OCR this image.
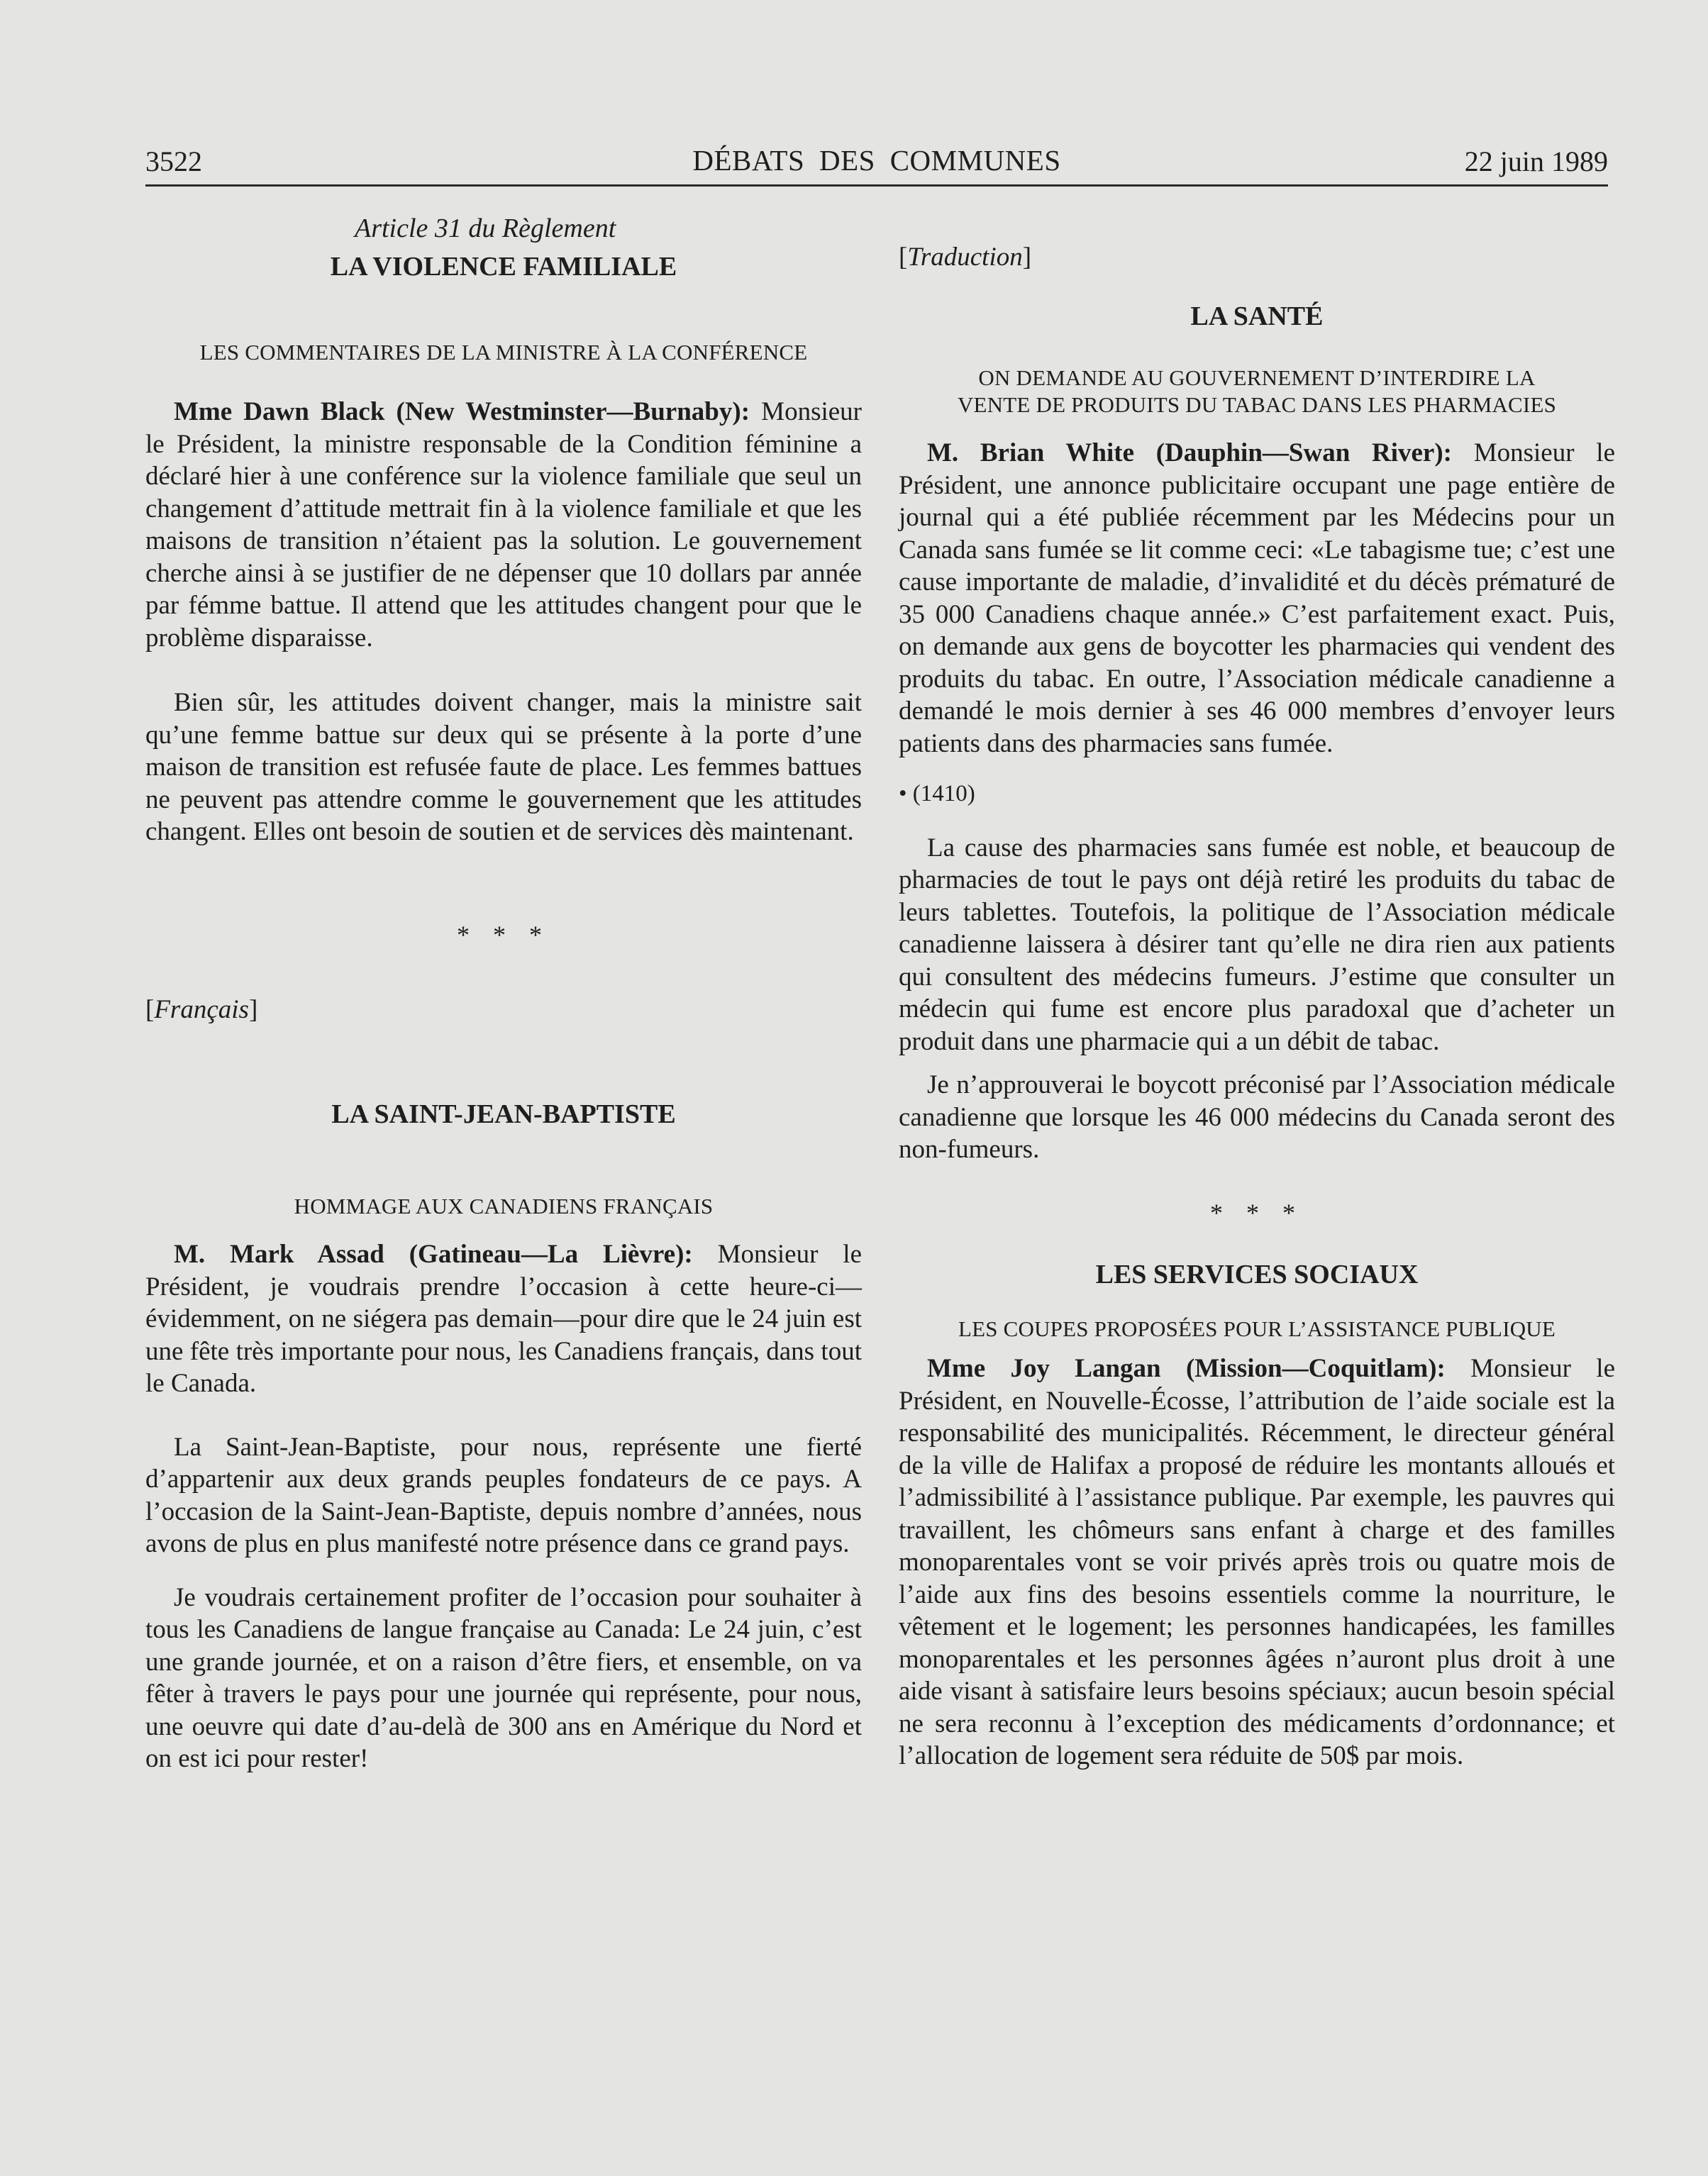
3522	DÉBATS DES COMMUNES	22 juin 1989
Article 31 du Règlement
LA VIOLENCE FAMILIALE
LES COMMENTAIRES DE LA MINISTRE À LA CONFÉRENCE

Mme Dawn Black (New Westminster—Burnaby): Monsieur le Président, la ministre responsable de la Condition féminine a déclaré hier à une conférence sur la violence familiale que seul un changement d’attitude mettrait fin à la violence familiale et que les maisons de transition n’étaient pas la solution. Le gouvernement cherche ainsi à se justifier de ne dépenser que 10 dollars par année par fémme battue. Il attend que les attitudes changent pour que le problème disparaisse.

Bien sûr, les attitudes doivent changer, mais la ministre sait qu’une femme battue sur deux qui se présente à la porte d’une maison de transition est refusée faute de place. Les femmes battues ne peuvent pas attendre comme le gouvernement que les attitudes changent. Elles ont besoin de soutien et de services dès maintenant.

* * *
[Français]
LA SAINT-JEAN-BAPTISTE
HOMMAGE AUX CANADIENS FRANÇAIS

M. Mark Assad (Gatineau—La Lièvre): Monsieur le Président, je voudrais prendre l’occasion à cette heure-ci—évidemment, on ne siégera pas demain—pour dire que le 24 juin est une fête très importante pour nous, les Canadiens français, dans tout le Canada.

La Saint-Jean-Baptiste, pour nous, représente une fierté d’appartenir aux deux grands peuples fondateurs de ce pays. A l’occasion de la Saint-Jean-Baptiste, depuis nombre d’années, nous avons de plus en plus manifesté notre présence dans ce grand pays.

Je voudrais certainement profiter de l’occasion pour souhaiter à tous les Canadiens de langue française au Canada: Le 24 juin, c’est une grande journée, et on a raison d’être fiers, et ensemble, on va fêter à travers le pays pour une journée qui représente, pour nous, une oeuvre qui date d’au-delà de 300 ans en Amérique du Nord et on est ici pour rester!

[Traduction]
LA SANTÉ
ON DEMANDE AU GOUVERNEMENT D’INTERDIRE LA
VENTE DE PRODUITS DU TABAC DANS LES PHARMACIES

M. Brian White (Dauphin—Swan River): Monsieur le Président, une annonce publicitaire occupant une page entière de journal qui a été publiée récemment par les Médecins pour un Canada sans fumée se lit comme ceci: «Le tabagisme tue; c’est une cause importante de maladie, d’invalidité et du décès prématuré de 35 000 Canadiens chaque année.» C’est parfaitement exact. Puis, on demande aux gens de boycotter les pharmacies qui vendent des produits du tabac. En outre, l’Association médicale canadienne a demandé le mois dernier à ses 46 000 membres d’envoyer leurs patients dans des pharmacies sans fumée.

• (1410)

La cause des pharmacies sans fumée est noble, et beaucoup de pharmacies de tout le pays ont déjà retiré les produits du tabac de leurs tablettes. Toutefois, la politique de l’Association médicale canadienne laissera à désirer tant qu’elle ne dira rien aux patients qui consultent des médecins fumeurs. J’estime que consulter un médecin qui fume est encore plus paradoxal que d’acheter un produit dans une pharmacie qui a un débit de tabac.

Je n’approuverai le boycott préconisé par l’Association médicale canadienne que lorsque les 46 000 médecins du Canada seront des non-fumeurs.

* * *
LES SERVICES SOCIAUX
LES COUPES PROPOSÉES POUR L’ASSISTANCE PUBLIQUE

Mme Joy Langan (Mission—Coquitlam): Monsieur le Président, en Nouvelle-Écosse, l’attribution de l’aide sociale est la responsabilité des municipalités. Récemment, le directeur général de la ville de Halifax a proposé de réduire les montants alloués et l’admissibilité à l’assistance publique. Par exemple, les pauvres qui travaillent, les chômeurs sans enfant à charge et des familles monoparentales vont se voir privés après trois ou quatre mois de l’aide aux fins des besoins essentiels comme la nourriture, le vêtement et le logement; les personnes handicapées, les familles monoparentales et les personnes âgées n’auront plus droit à une aide visant à satisfaire leurs besoins spéciaux; aucun besoin spécial ne sera reconnu à l’exception des médicaments d’ordonnance; et l’allocation de logement sera réduite de 50$ par mois.
